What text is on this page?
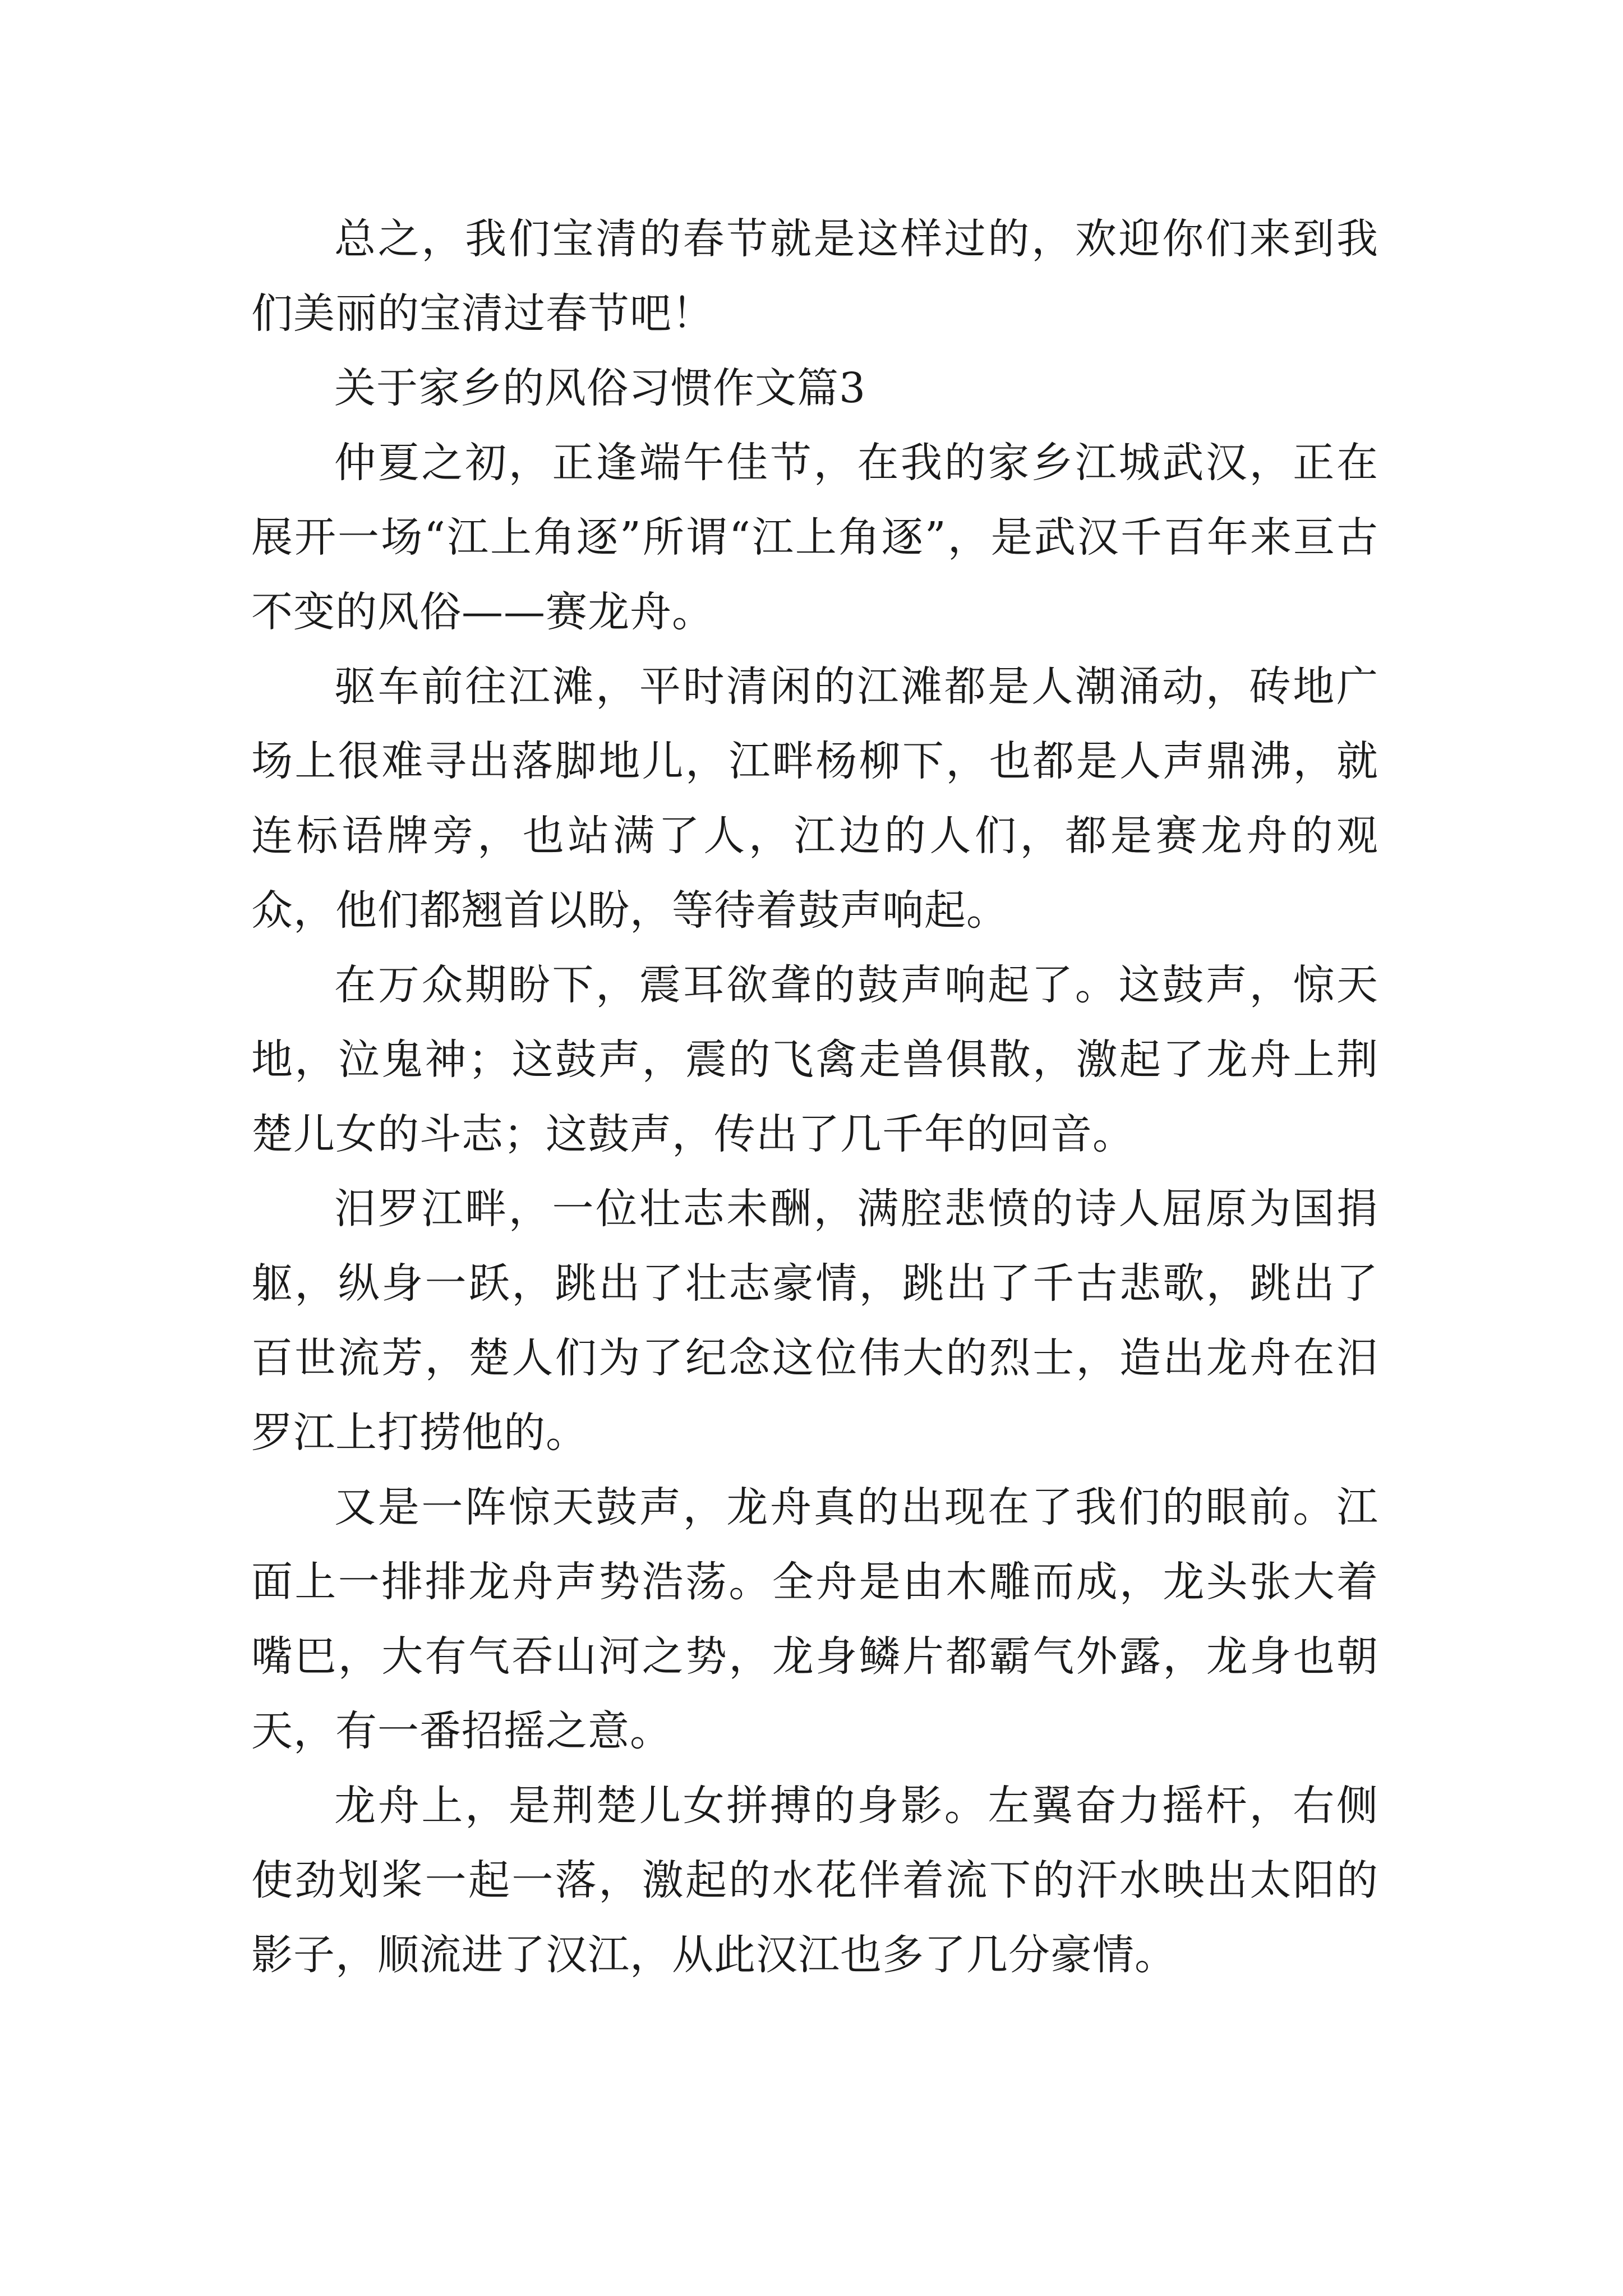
总之，我们宝清的春节就是这样过的，欢迎你们来到我们美丽的宝清过春节吧！

关于家乡的风俗习惯作文篇3

仲夏之初，正逢端午佳节，在我的家乡江城武汉，正在展开一场“江上角逐”所谓“江上角逐”，是武汉千百年来亘古不变的风俗——赛龙舟。

驱车前往江滩，平时清闲的江滩都是人潮涌动，砖地广场上很难寻出落脚地儿，江畔杨柳下，也都是人声鼎沸，就连标语牌旁，也站满了人，江边的人们，都是赛龙舟的观众，他们都翘首以盼，等待着鼓声响起。

在万众期盼下，震耳欲聋的鼓声响起了。这鼓声，惊天地，泣鬼神；这鼓声，震的飞禽走兽俱散，激起了龙舟上荆楚儿女的斗志；这鼓声，传出了几千年的回音。

汨罗江畔，一位壮志未酬，满腔悲愤的诗人屈原为国捐躯，纵身一跃，跳出了壮志豪情，跳出了千古悲歌，跳出了百世流芳，楚人们为了纪念这位伟大的烈士，造出龙舟在汨罗江上打捞他的。

又是一阵惊天鼓声，龙舟真的出现在了我们的眼前。江面上一排排龙舟声势浩荡。全舟是由木雕而成，龙头张大着嘴巴，大有气吞山河之势，龙身鳞片都霸气外露，龙身也朝天，有一番招摇之意。

龙舟上，是荆楚儿女拼搏的身影。左翼奋力摇杆，右侧使劲划桨一起一落，激起的水花伴着流下的汗水映出太阳的影子，顺流进了汉江，从此汉江也多了几分豪情。
